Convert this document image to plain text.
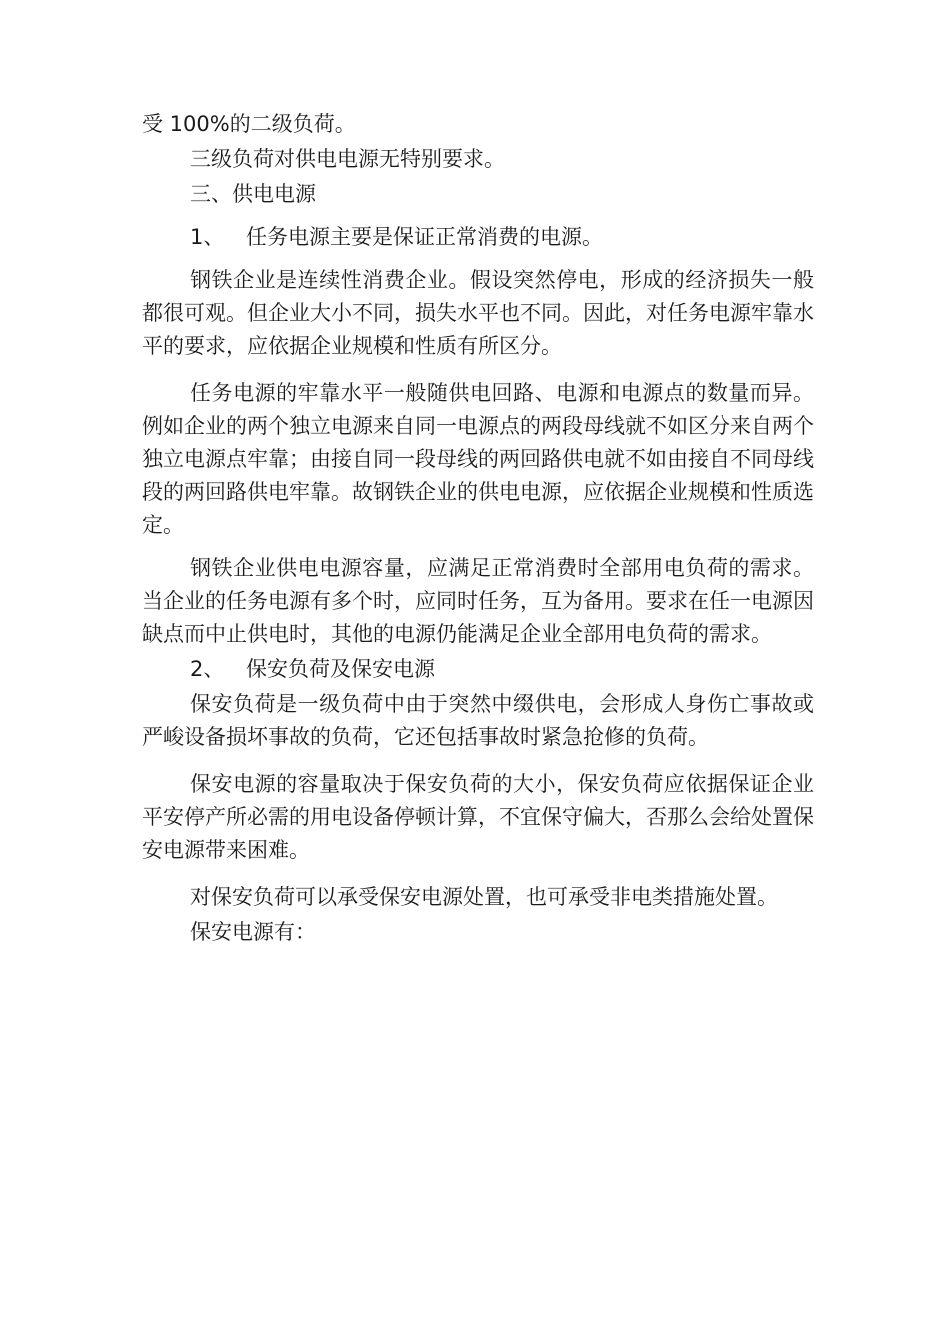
受 100%的二级负荷。

三级负荷对供电电源无特别要求。

三、供电电源

1、 任务电源主要是保证正常消费的电源。

钢铁企业是连续性消费企业。假设突然停电，形成的经济损失一般都很可观。但企业大小不同，损失水平也不同。因此，对任务电源牢靠水平的要求，应依据企业规模和性质有所区分。

任务电源的牢靠水平一般随供电回路、电源和电源点的数量而异。例如企业的两个独立电源来自同一电源点的两段母线就不如区分来自两个独立电源点牢靠；由接自同一段母线的两回路供电就不如由接自不同母线段的两回路供电牢靠。故钢铁企业的供电电源，应依据企业规模和性质选定。

钢铁企业供电电源容量，应满足正常消费时全部用电负荷的需求。当企业的任务电源有多个时，应同时任务，互为备用。要求在任一电源因缺点而中止供电时，其他的电源仍能满足企业全部用电负荷的需求。

2、 保安负荷及保安电源

保安负荷是一级负荷中由于突然中缀供电，会形成人身伤亡事故或严峻设备损坏事故的负荷，它还包括事故时紧急抢修的负荷。

保安电源的容量取决于保安负荷的大小，保安负荷应依据保证企业平安停产所必需的用电设备停顿计算，不宜保守偏大，否那么会给处置保安电源带来困难。

对保安负荷可以承受保安电源处置，也可承受非电类措施处置。

保安电源有：
